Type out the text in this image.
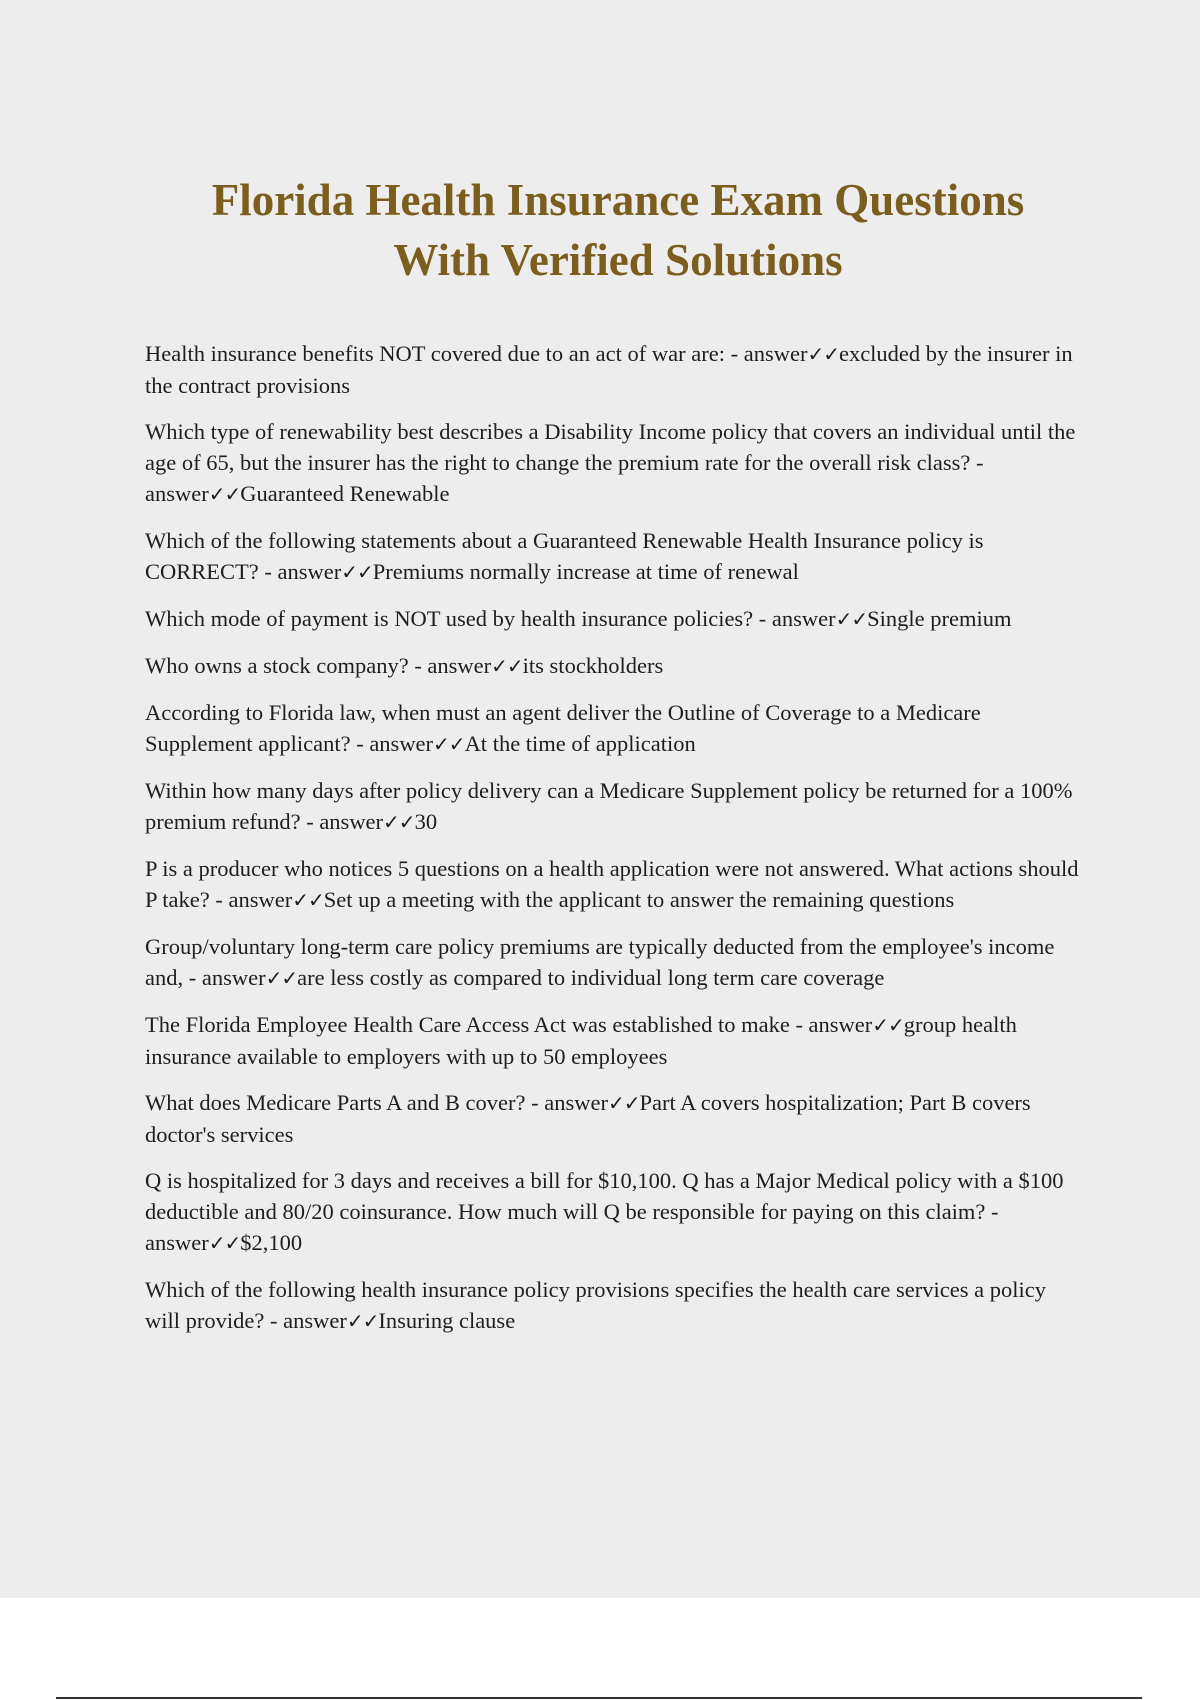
Florida Health Insurance Exam Questions
With Verified Solutions
Health insurance benefits NOT covered due to an act of war are: - answer✓✓excluded by the insurer in the contract provisions
Which type of renewability best describes a Disability Income policy that covers an individual until the age of 65, but the insurer has the right to change the premium rate for the overall risk class? - answer✓✓Guaranteed Renewable
Which of the following statements about a Guaranteed Renewable Health Insurance policy is CORRECT? - answer✓✓Premiums normally increase at time of renewal
Which mode of payment is NOT used by health insurance policies? - answer✓✓Single premium
Who owns a stock company? - answer✓✓its stockholders
According to Florida law, when must an agent deliver the Outline of Coverage to a Medicare Supplement applicant? - answer✓✓At the time of application
Within how many days after policy delivery can a Medicare Supplement policy be returned for a 100% premium refund? - answer✓✓30
P is a producer who notices 5 questions on a health application were not answered. What actions should P take? - answer✓✓Set up a meeting with the applicant to answer the remaining questions
Group/voluntary long-term care policy premiums are typically deducted from the employee's income and, - answer✓✓are less costly as compared to individual long term care coverage
The Florida Employee Health Care Access Act was established to make - answer✓✓group health insurance available to employers with up to 50 employees
What does Medicare Parts A and B cover? - answer✓✓Part A covers hospitalization; Part B covers doctor's services
Q is hospitalized for 3 days and receives a bill for $10,100. Q has a Major Medical policy with a $100 deductible and 80/20 coinsurance. How much will Q be responsible for paying on this claim? - answer✓✓$2,100
Which of the following health insurance policy provisions specifies the health care services a policy will provide? - answer✓✓Insuring clause
